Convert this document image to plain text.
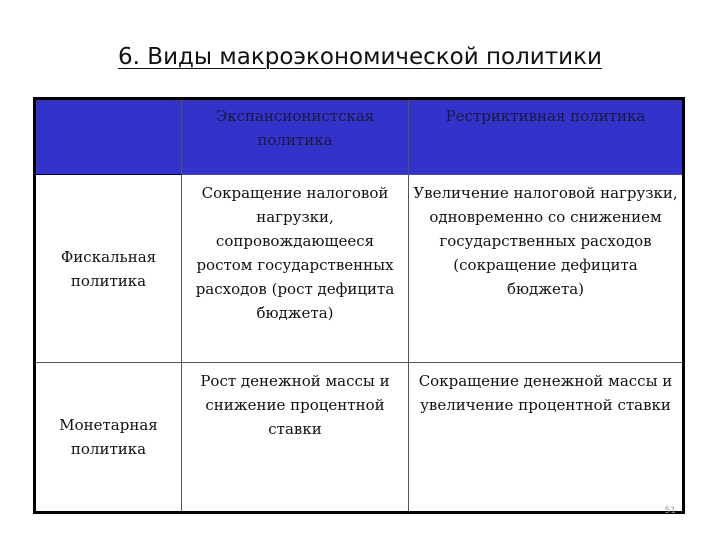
6. Виды макроэкономической политики
	Экспансионистская политика	Рестриктивная политика
Фискальная политика	Сокращение налоговой нагрузки, сопровождающееся ростом государственных расходов (рост дефицита бюджета)	Увеличение налоговой нагрузки, одновременно со снижением государственных расходов (сокращение дефицита бюджета)
Монетарная политика	Рост денежной массы и снижение процентной ставки	Сокращение денежной массы и увеличение процентной ставки
51
